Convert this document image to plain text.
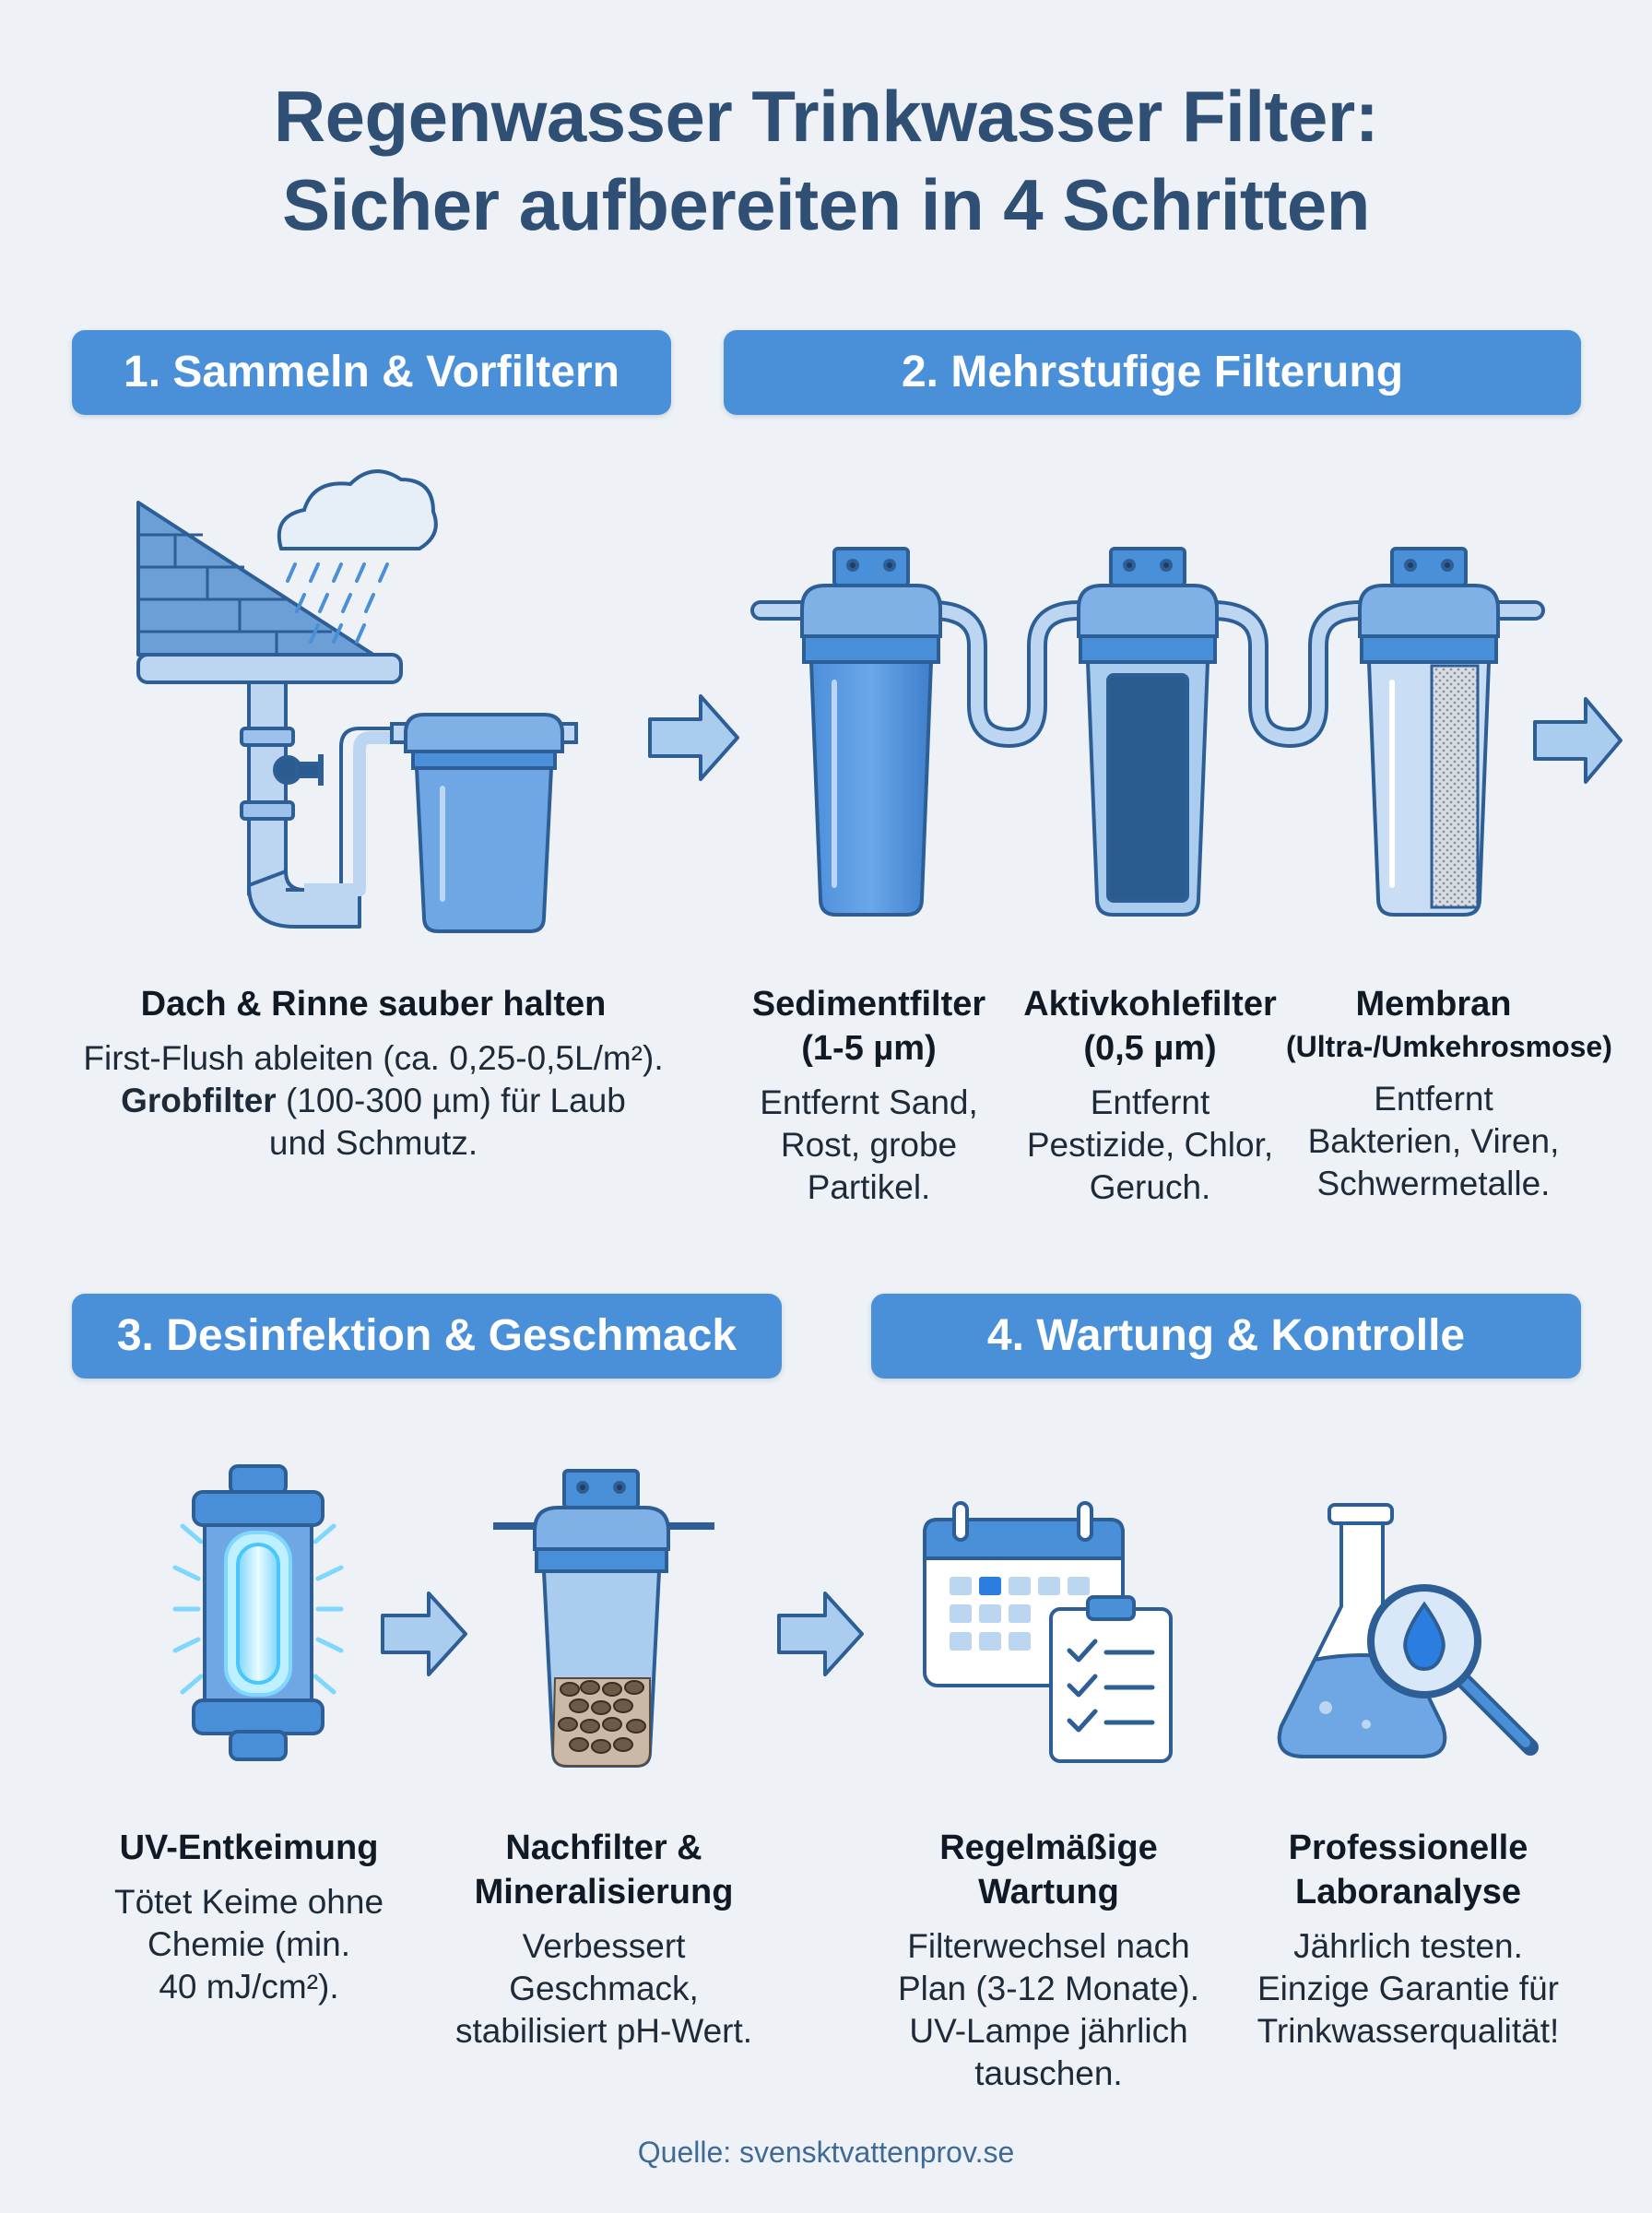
Regenwasser Trinkwasser Filter:
Sicher aufbereiten in 4 Schritten
1. Sammeln & Vorfiltern	2. Mehrstufige Filterung
3. Desinfektion & Geschmack	4. Wartung & Kontrolle
Dach & Rinne sauber halten
First-Flush ableiten (ca. 0,25-0,5L/m²).
Grobfilter (100-300 µm) für Laub
und Schmutz.
Sedimentfilter
(1-5 µm)
Entfernt Sand,
Rost, grobe
Partikel.
Aktivkohlefilter
(0,5 µm)
Entfernt
Pestizide, Chlor,
Geruch.
Membran
(Ultra-/Umkehrosmose)
Entfernt
Bakterien, Viren,
Schwermetalle.
UV-Entkeimung
Tötet Keime ohne
Chemie (min.
40 mJ/cm²).
Nachfilter &
Mineralisierung
Verbessert
Geschmack,
stabilisiert pH-Wert.
Regelmäßige
Wartung
Filterwechsel nach
Plan (3-12 Monate).
UV-Lampe jährlich
tauschen.
Professionelle
Laboranalyse
Jährlich testen.
Einzige Garantie für
Trinkwasserqualität!
Quelle: svensktvattenprov.se
